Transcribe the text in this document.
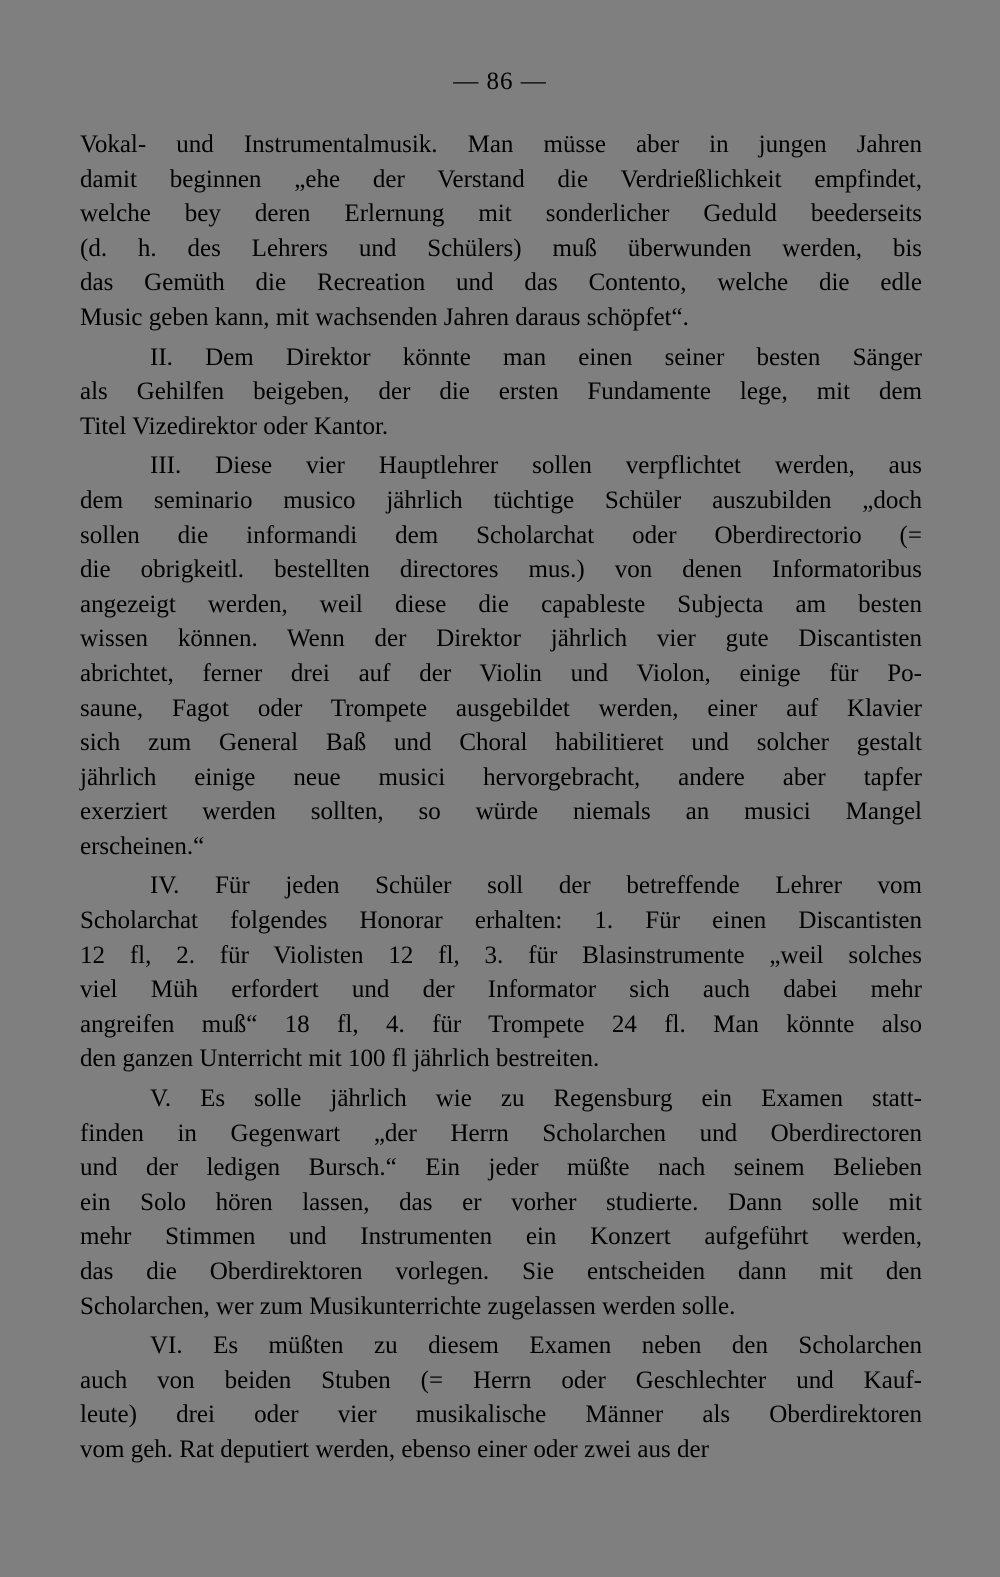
— 86 —
Vokal- und Instrumentalmusik. Man müsse aber in jungen Jahren
damit beginnen „ehe der Verstand die Verdrießlichkeit empfindet,
welche bey deren Erlernung mit sonderlicher Geduld beederseits
(d. h. des Lehrers und Schülers) muß überwunden werden, bis
das Gemüth die Recreation und das Contento, welche die edle
Music geben kann, mit wachsenden Jahren daraus schöpfet“.
II. Dem Direktor könnte man einen seiner besten Sänger
als Gehilfen beigeben, der die ersten Fundamente lege, mit dem
Titel Vizedirektor oder Kantor.
III. Diese vier Hauptlehrer sollen verpflichtet werden, aus
dem seminario musico jährlich tüchtige Schüler auszubilden „doch
sollen die informandi dem Scholarchat oder Oberdirectorio (=
die obrigkeitl. bestellten directores mus.) von denen Informatoribus
angezeigt werden, weil diese die capableste Subjecta am besten
wissen können. Wenn der Direktor jährlich vier gute Discantisten
abrichtet, ferner drei auf der Violin und Violon, einige für Po-
saune, Fagot oder Trompete ausgebildet werden, einer auf Klavier
sich zum General Baß und Choral habilitieret und solcher gestalt
jährlich einige neue musici hervorgebracht, andere aber tapfer
exerziert werden sollten, so würde niemals an musici Mangel
erscheinen.“
IV. Für jeden Schüler soll der betreffende Lehrer vom
Scholarchat folgendes Honorar erhalten: 1. Für einen Discantisten
12 fl, 2. für Violisten 12 fl, 3. für Blasinstrumente „weil solches
viel Müh erfordert und der Informator sich auch dabei mehr
angreifen muß“ 18 fl, 4. für Trompete 24 fl. Man könnte also
den ganzen Unterricht mit 100 fl jährlich bestreiten.
V. Es solle jährlich wie zu Regensburg ein Examen statt-
finden in Gegenwart „der Herrn Scholarchen und Oberdirectoren
und der ledigen Bursch.“ Ein jeder müßte nach seinem Belieben
ein Solo hören lassen, das er vorher studierte. Dann solle mit
mehr Stimmen und Instrumenten ein Konzert aufgeführt werden,
das die Oberdirektoren vorlegen. Sie entscheiden dann mit den
Scholarchen, wer zum Musikunterrichte zugelassen werden solle.
VI. Es müßten zu diesem Examen neben den Scholarchen
auch von beiden Stuben (= Herrn oder Geschlechter und Kauf-
leute) drei oder vier musikalische Männer als Oberdirektoren
vom geh. Rat deputiert werden, ebenso einer oder zwei aus der
